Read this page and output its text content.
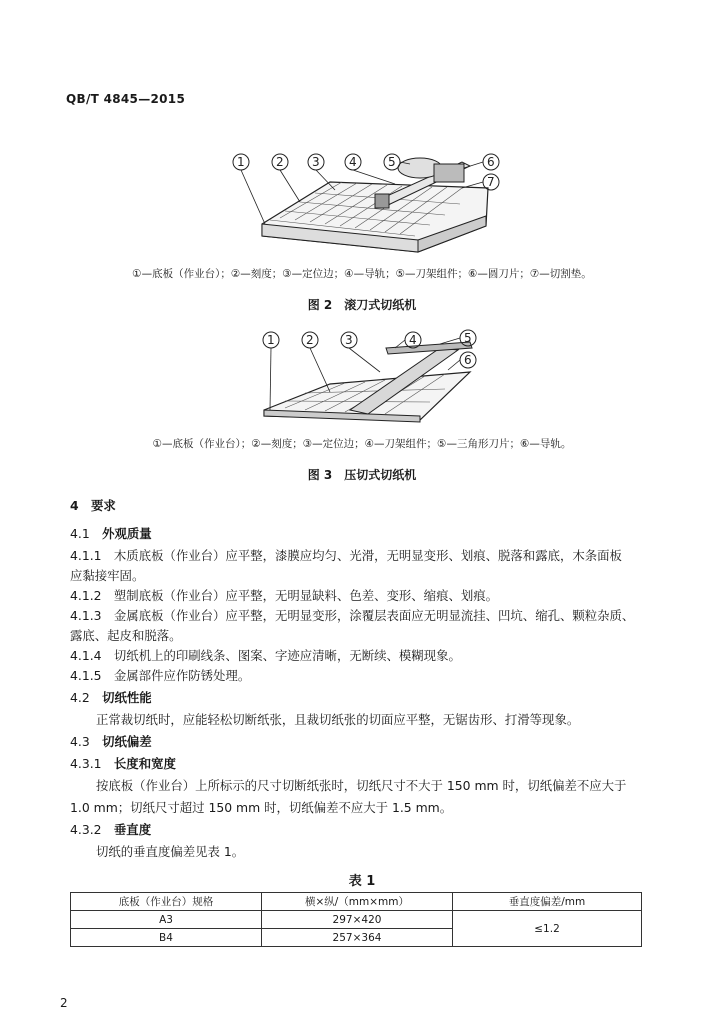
QB/T 4845—2015
1	2 3 4	5	6
7
①—底板（作业台）；②—刻度；③—定位边；④—导轨；⑤—刀架组件；⑥—圆刀片；⑦—切割垫。
图 2　滚刀式切纸机
1	2	3	4	5
6
①—底板（作业台）；②—刻度；③—定位边；④—刀架组件；⑤—三角形刀片；⑥—导轨。
图 3　压切式切纸机
4　 要求
4.1　 外观质量
4.1.1　 木质底板（作业台）应平整，漆膜应均匀、光滑，无明显变形、划痕、脱落和露底，木条面板
应黏接牢固。
4.1.2　 塑制底板（作业台）应平整，无明显缺料、色差、变形、缩痕、划痕。
4.1.3　 金属底板（作业台）应平整，无明显变形，涂覆层表面应无明显流挂、凹坑、缩孔、颗粒杂质、
露底、起皮和脱落。
4.1.4　 切纸机上的印刷线条、图案、字迹应清晰，无断续、模糊现象。
4.1.5　 金属部件应作防锈处理。
4.2　 切纸性能
正常裁切纸时，应能轻松切断纸张，且裁切纸张的切面应平整，无锯齿形、打滑等现象。
4.3　 切纸偏差
4.3.1　 长度和宽度
按底板（作业台）上所标示的尺寸切断纸张时，切纸尺寸不大于 150 mm 时，切纸偏差不应大于
1.0 mm；切纸尺寸超过 150 mm 时，切纸偏差不应大于 1.5 mm。
4.3.2　 垂直度
切纸的垂直度偏差见表 1。
表 1
底板（作业台）规格	横×纵/（mm×mm）	垂直度偏差/mm
A3	297×420	≤1.2
B4	257×364	
2
